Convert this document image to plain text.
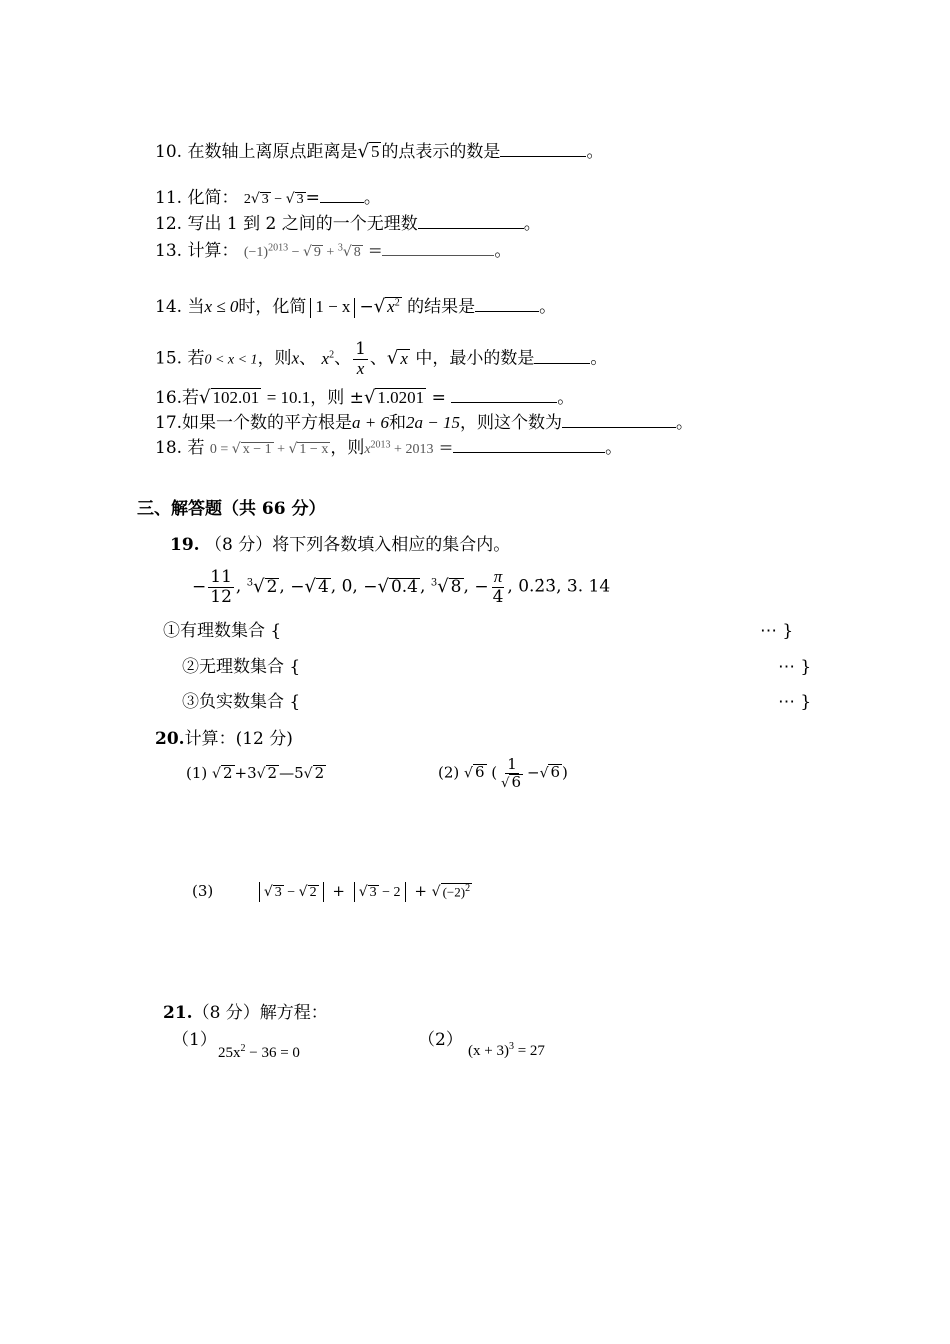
10. 在数轴上离原点距离是√ 5 的点表示的数是	。
11. 化简： 2√ 3 − √ 3 =	。
12. 写出 1 到 2 之间的一个无理数	。
13. 计算： $(-1)^{2013}$ − √ 9 + $^3$√ 8 =	。
14. 当x ≤ 0时，化简 1 − x −√ $x^2$ 的结果是	。
15. 若0 < x < 1，则x、 $x^2$、 $\frac{1}{x}$ 、√ x 中，最小的数是	。
16.若√ 102.01 = 10.1，则 ±√ 1.0201 =	。
17.如果一个数的平方根是a + 6和2a − 15，则这个数为	。
18. 若 0 = √ x − 1 + √ 1 − x ，则$x^{2013} + 2013$ =	。
三、解答题（共 66 分）
19. （8 分）将下列各数填入相应的集合内。
− $\frac{11}{12}$ , $^3$√ 2 , −√ 4 , 0, −√ 0.4 , $^3$√ 8 , − $\frac{\pi}{4}$ , 0.2̇3̇, 3. 14
①有理数集合 {	⋯ }
②无理数集合 {	⋯ }
③负实数集合 {	⋯ }
20.计算：(12 分)
(1) √ 2 +3√ 2 —5√ 2	(2) √ 6 ( $\frac{1}{√ 6}$ −√ 6 )
(3)	√ 3 − √ 2 + √ 3 − 2 + √ $(-2)^2$
21.（8 分）解方程：
（1）
$25x^2 - 36 = 0$
（2）
$(x + 3)^3 = 27$
